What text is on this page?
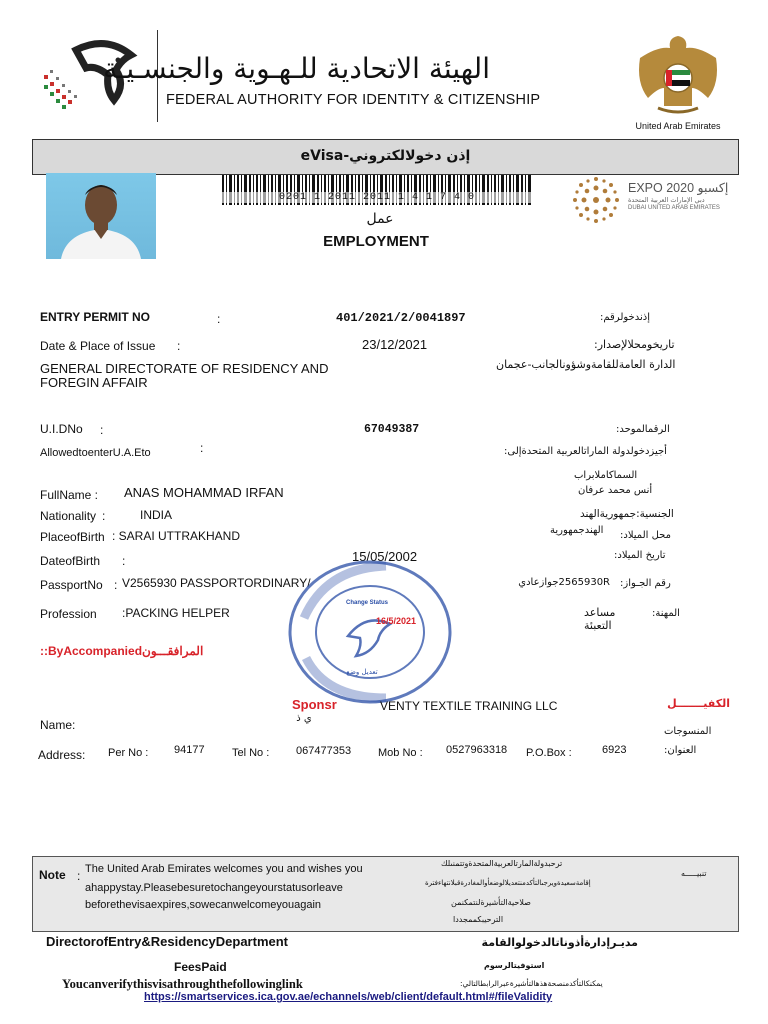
الهيئة الاتحادية للـهـوية والجنسـيـة
FEDERAL AUTHORITY FOR IDENTITY & CITIZENSHIP
United Arab Emirates
إذن دخولالكتروني-eVisa
0201 1 2011 2011 1 4 1 7 4 0
EXPO 2020 إكسبو
دبي الإمارات العربية المتحدة
DUBAI UNITED ARAB EMIRATES
عمل
EMPLOYMENT
ENTRY PERMIT NO	:	401/2021/2/0041897	إذندخولرقم:
Date & Place of Issue :	23/12/2021	تاريخومحلالإصدار:
GENERAL DIRECTORATE OF RESIDENCY AND FOREGIN AFFAIR
الدارة العامةللقامةوشؤونالجانب-عجمان
U.I.DNo :	67049387	الرقمالموحد:
AllowedtoenterU.A.Eto	:	أجيزدخولدولة الماراتالعربية المتحدةإلى:
السماكاملابراب
أنس محمد عرفان
FullName : ANAS MOHAMMAD IRFAN
Nationality :	INDIA	الجنسية:جمهوريةالهند
PlaceofBirth : SARAI UTTRAKHAND	الهندجمهورية	محل الميلاد:
DateofBirth :	15/05/2002	تاريخ الميلاد:
PassportNo : V2565930 PASSPORTORDINARY/	2565930Rجوازعادي رقم الجـواز:
Profession :PACKING HELPER	مساعد التعبئة
المهنة:
::ByAccompaniedالمرافقـــون
Change Status
16/5/2021
تعديل وضع
Sponsr	VENTY TEXTILE TRAINING LLC	الكفيـــــــل
ي ذ
Name:	المنسوجات
Address: Per No : 94177 Tel No : 067477353 Mob No : 0527963318 P.O.Box :	6923	العنوان:
Note : The United Arab Emirates welcomes you and wishes you
ahappystay.Pleasebesuretochangeyourstatusorleave
beforethevisaexpires,sowecanwelcomeyouagain
ترحبدولةالمارتالعربيةالمتحدةوتتمنىلك
إقامةسعيدةويرجىالتأكدمنتعديلالوضعأوالمغادرةقبلانتهاءفترة
صلاحيةالتأشيرةلنتمكنمن
الترحيبكممجددا
تنبيـــــه
DirectorofEntry&ResidencyDepartment	مديـرإدارةأذوناتالدخولوالقامة
FeesPaid	استوفيتالرسوم
Youcanverifythisvisathroughthefollowinglink	يمكنكالتأكدمنصحةهذهالتأشيرةعبرالرابطالتالي:
https://smartservices.ica.gov.ae/echannels/web/client/default.html#/fileValidity
